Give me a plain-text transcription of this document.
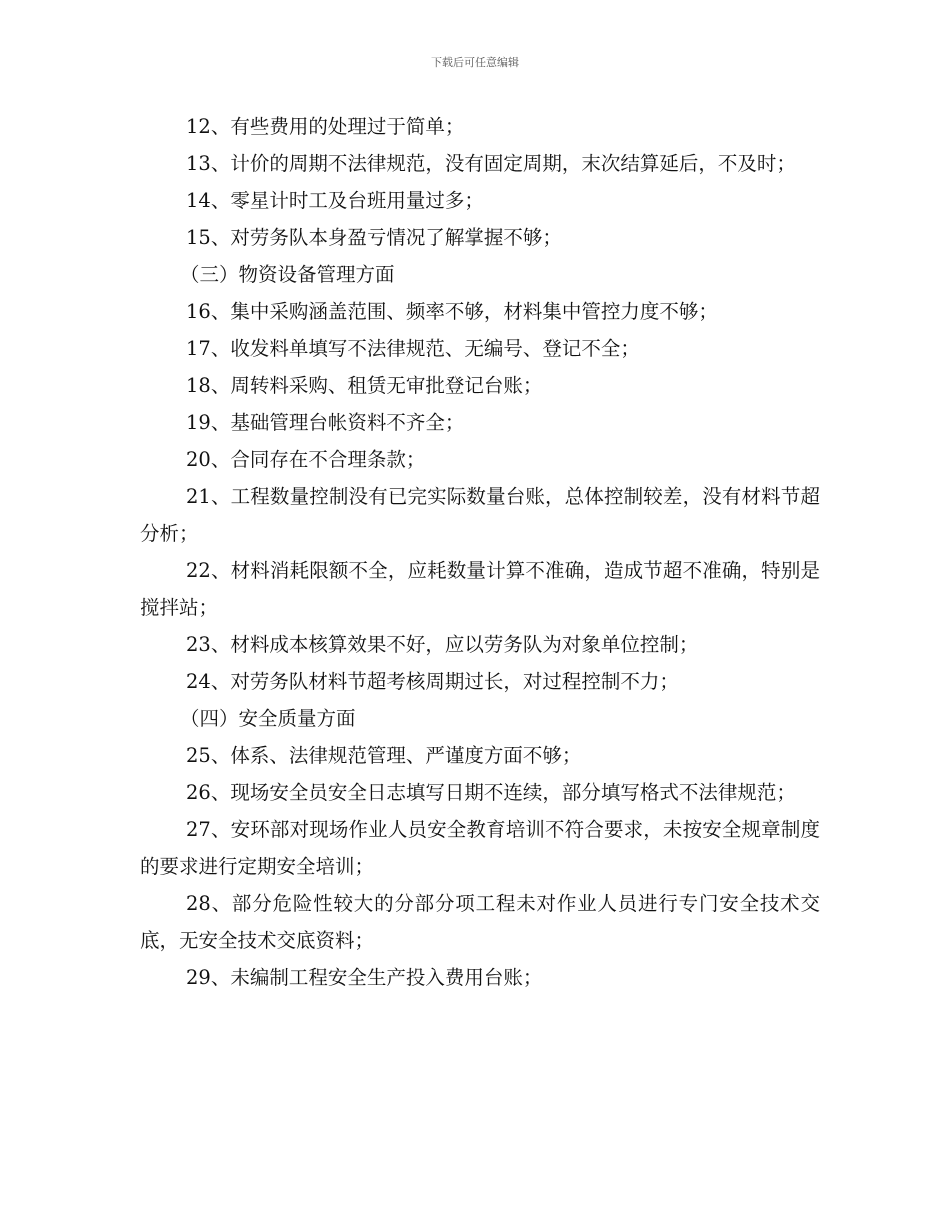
下载后可任意编辑

12、有些费用的处理过于简单；

13、计价的周期不法律规范，没有固定周期，末次结算延后，不及时；

14、零星计时工及台班用量过多；

15、对劳务队本身盈亏情况了解掌握不够；

（三）物资设备管理方面

16、集中采购涵盖范围、频率不够，材料集中管控力度不够；

17、收发料单填写不法律规范、无编号、登记不全；

18、周转料采购、租赁无审批登记台账；

19、基础管理台帐资料不齐全；

20、合同存在不合理条款；

21、工程数量控制没有已完实际数量台账，总体控制较差，没有材料节超分析；

22、材料消耗限额不全，应耗数量计算不准确，造成节超不准确，特别是搅拌站；

23、材料成本核算效果不好，应以劳务队为对象单位控制；

24、对劳务队材料节超考核周期过长，对过程控制不力；

（四）安全质量方面

25、体系、法律规范管理、严谨度方面不够；

26、现场安全员安全日志填写日期不连续，部分填写格式不法律规范；

27、安环部对现场作业人员安全教育培训不符合要求，未按安全规章制度的要求进行定期安全培训；

28、部分危险性较大的分部分项工程未对作业人员进行专门安全技术交底，无安全技术交底资料；

29、未编制工程安全生产投入费用台账；
